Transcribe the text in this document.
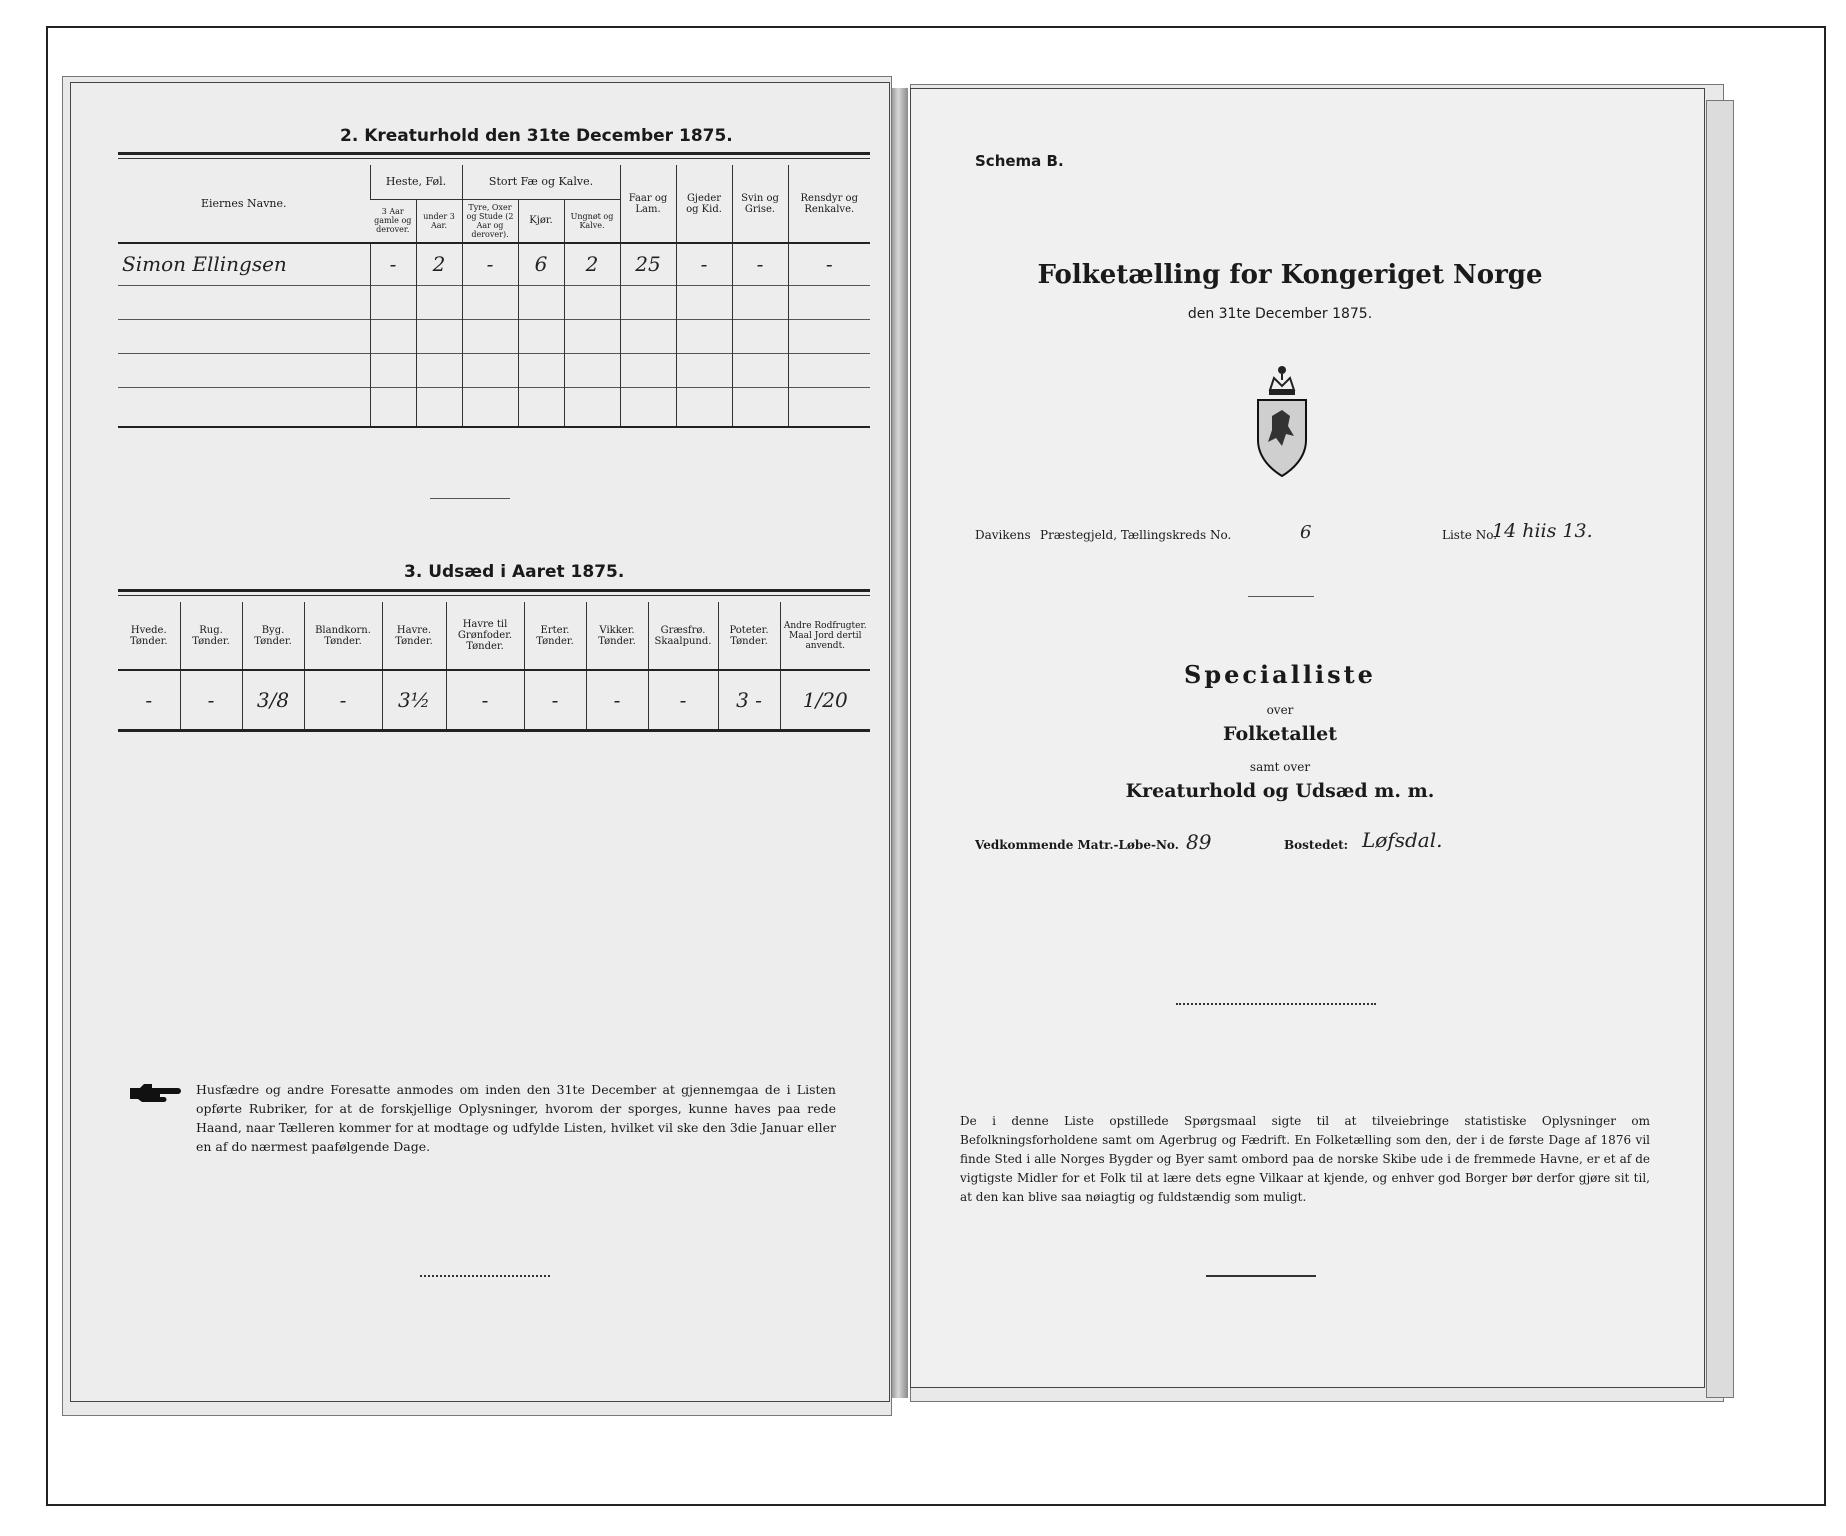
2. Kreaturhold den 31te December 1875.
Eiernes Navne.	Heste, Føl.		Stort Fæ og Kalve.			Faar og Lam.	Gjeder og Kid.	Svin og Grise.	Rensdyr og Renkalve.
	3 Aar gamle og derover.	under 3 Aar.	Tyre, Oxer og Stude (2 Aar og derover).	Kjør.	Ungnøt og Kalve.				
Simon Ellingsen	-	2	-	6	2	25	-	-	-

3. Udsæd i Aaret 1875.
Hvede. Tønder.	Rug. Tønder.	Byg. Tønder.	Blandkorn. Tønder.	Havre. Tønder.	Havre til Grønfoder. Tønder.	Erter. Tønder.	Vikker. Tønder.	Græsfrø. Skaalpund.	Poteter. Tønder.	Andre Rodfrugter. Maal Jord dertil anvendt.
-	-	3/8	-	3½	-	-	-	-	3 -	1/20
Husfædre og andre Foresatte anmodes om inden den 31te December at gjennemgaa de i Listen opførte Rubriker, for at de forskjellige Oplysninger, hvorom der sporges, kunne haves paa rede Haand, naar Tælleren kommer for at modtage og udfylde Listen, hvilket vil ske den 3die Januar eller en af do nærmest paafølgende Dage.
Schema B.
Folketælling for Kongeriget Norge
den 31te December 1875.
Davikens Præstegjeld, Tællingskreds No.	6	Liste No.
14 hiis 13.
Specialliste
over
Folketallet
samt over
Kreaturhold og Udsæd m. m.
Vedkommende Matr.-Løbe-No. 89	Bostedet: Løfsdal.
De i denne Liste opstillede Spørgsmaal sigte til at tilveiebringe statistiske Oplysninger om Befolkningsforholdene samt om Agerbrug og Fædrift. En Folketælling som den, der i de første Dage af 1876 vil finde Sted i alle Norges Bygder og Byer samt ombord paa de norske Skibe ude i de fremmede Havne, er et af de vigtigste Midler for et Folk til at lære dets egne Vilkaar at kjende, og enhver god Borger bør derfor gjøre sit til, at den kan blive saa nøiagtig og fuldstændig som muligt.
